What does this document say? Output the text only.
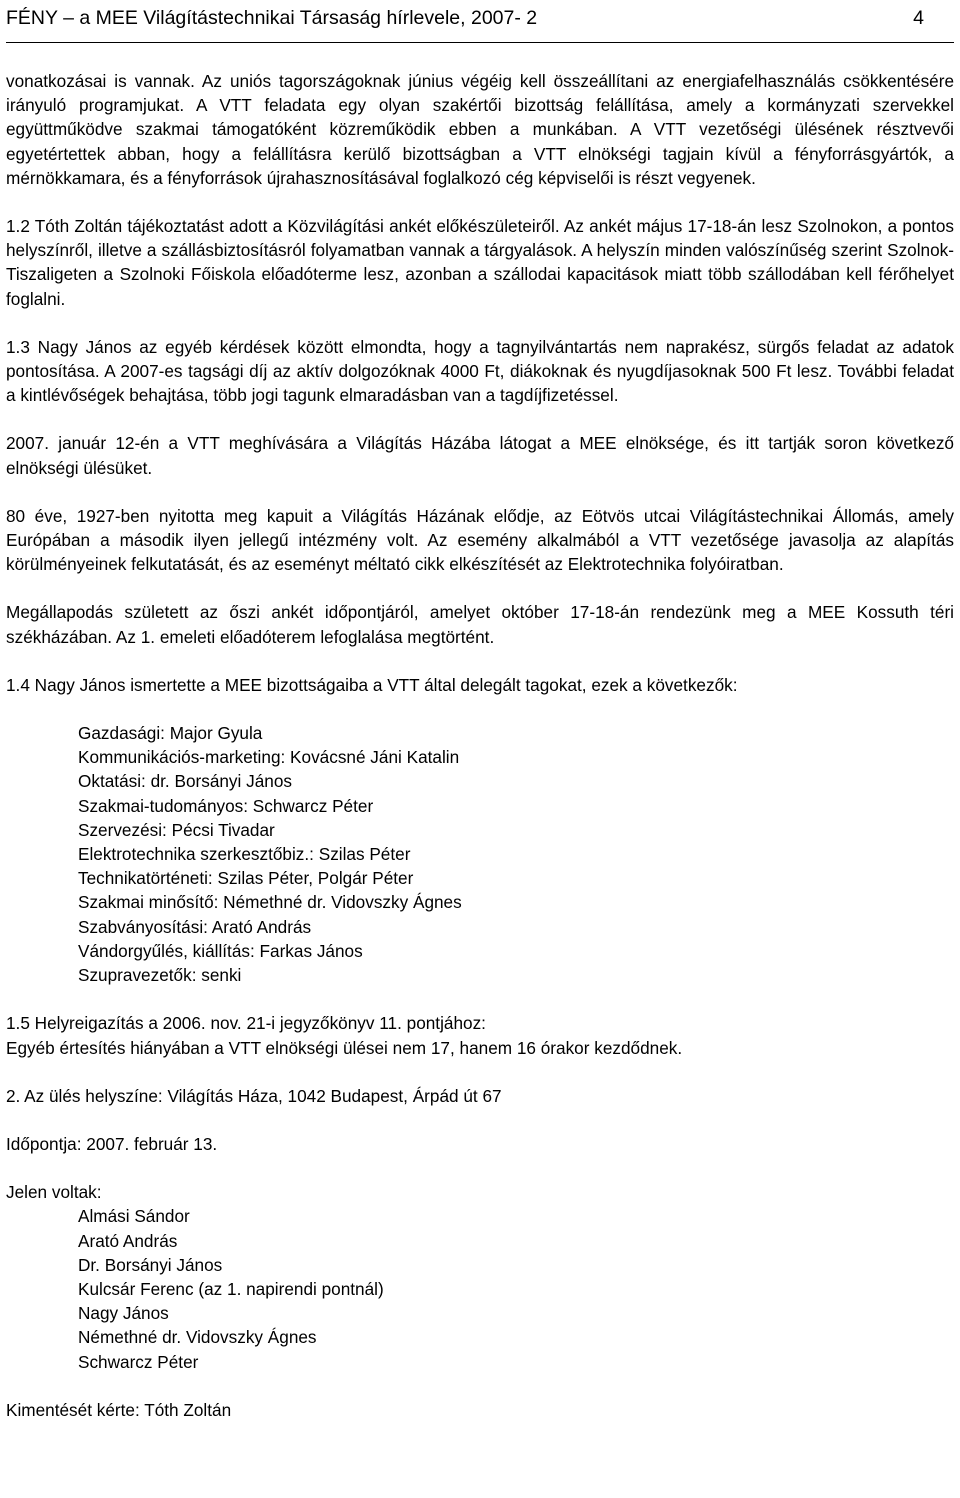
FÉNY – a MEE Világítástechnikai Társaság hírlevele, 2007- 2	4

vonatkozásai is vannak. Az uniós tagországoknak június végéig kell összeállítani az energiafelhasználás csökkentésére irányuló programjukat. A VTT feladata egy olyan szakértői bizottság felállítása, amely a kormányzati szervekkel együttműködve szakmai támogatóként közreműködik ebben a munkában. A VTT vezetőségi ülésének résztvevői egyetértettek abban, hogy a felállításra kerülő bizottságban a VTT elnökségi tagjain kívül a fényforrásgyártók, a mérnökkamara, és a fényforrások újrahasznosításával foglalkozó cég képviselői is részt vegyenek.

1.2 Tóth Zoltán tájékoztatást adott a Közvilágítási ankét előkészületeiről. Az ankét május 17-18-án lesz Szolnokon, a pontos helyszínről, illetve a szállásbiztosításról folyamatban vannak a tárgyalások. A helyszín minden valószínűség szerint Szolnok-Tiszaligeten a Szolnoki Főiskola előadóterme lesz, azonban a szállodai kapacitások miatt több szállodában kell férőhelyet foglalni.

1.3 Nagy János az egyéb kérdések között elmondta, hogy a tagnyilvántartás nem naprakész, sürgős feladat az adatok pontosítása. A 2007-es tagsági díj az aktív dolgozóknak 4000 Ft, diákoknak és nyugdíjasoknak 500 Ft lesz. További feladat a kintlévőségek behajtása, több jogi tagunk elmaradásban van a tagdíjfizetéssel.

2007. január 12-én a VTT meghívására a Világítás Házába látogat a MEE elnöksége, és itt tartják soron következő elnökségi ülésüket.

80 éve, 1927-ben nyitotta meg kapuit a Világítás Házának elődje, az Eötvös utcai Világítástechnikai Állomás, amely Európában a második ilyen jellegű intézmény volt. Az esemény alkalmából a VTT vezetősége javasolja az alapítás körülményeinek felkutatását, és az eseményt méltató cikk elkészítését az Elektrotechnika folyóiratban.

Megállapodás született az őszi ankét időpontjáról, amelyet október 17-18-án rendezünk meg a MEE Kossuth téri székházában. Az 1. emeleti előadóterem lefoglalása megtörtént.

1.4 Nagy János ismertette a MEE bizottságaiba a VTT által delegált tagokat, ezek a következők:

Gazdasági: Major Gyula
Kommunikációs-marketing: Kovácsné Jáni Katalin
Oktatási: dr. Borsányi János
Szakmai-tudományos: Schwarcz Péter
Szervezési: Pécsi Tivadar
Elektrotechnika szerkesztőbiz.: Szilas Péter
Technikatörténeti: Szilas Péter, Polgár Péter
Szakmai minősítő: Némethné dr. Vidovszky Ágnes
Szabványosítási: Arató András
Vándorgyűlés, kiállítás: Farkas János
Szupravezetők: senki

1.5 Helyreigazítás a 2006. nov. 21-i jegyzőkönyv 11. pontjához:

Egyéb értesítés hiányában a VTT elnökségi ülései nem 17, hanem 16 órakor kezdődnek.

2. Az ülés helyszíne: Világítás Háza, 1042 Budapest, Árpád út 67

Időpontja: 2007. február 13.

Jelen voltak:

Almási Sándor
Arató András
Dr. Borsányi János
Kulcsár Ferenc (az 1. napirendi pontnál)
Nagy János
Némethné dr. Vidovszky Ágnes
Schwarcz Péter

Kimentését kérte: Tóth Zoltán
